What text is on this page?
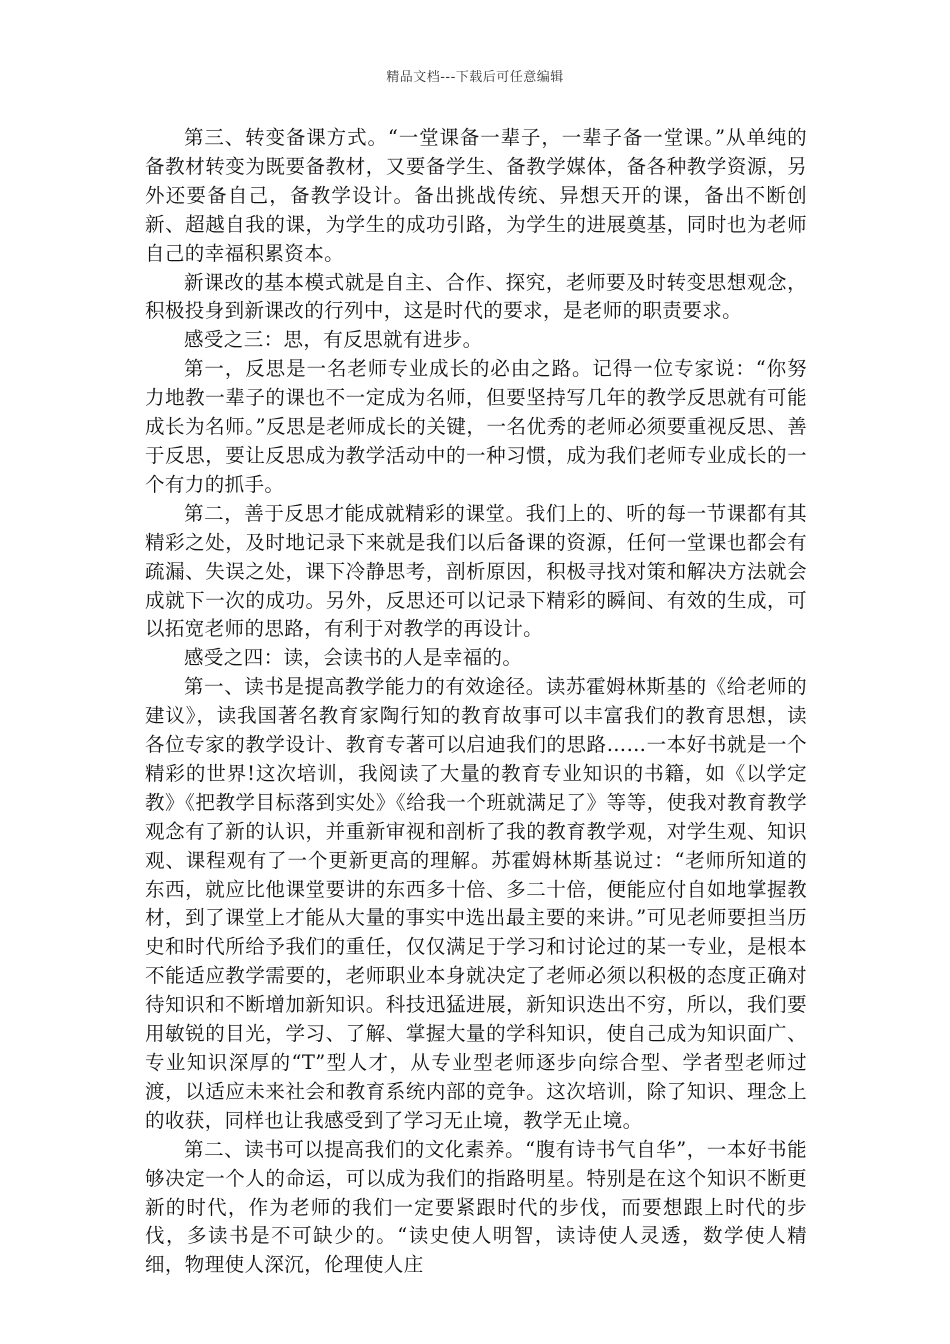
精品文档---下载后可任意编辑

第三、转变备课方式。“一堂课备一辈子，一辈子备一堂课。”从单纯的备教材转变为既要备教材，又要备学生、备教学媒体，备各种教学资源，另外还要备自己，备教学设计。备出挑战传统、异想天开的课，备出不断创新、超越自我的课，为学生的成功引路，为学生的进展奠基，同时也为老师自己的幸福积累资本。

新课改的基本模式就是自主、合作、探究，老师要及时转变思想观念，积极投身到新课改的行列中，这是时代的要求，是老师的职责要求。

感受之三：思，有反思就有进步。

第一，反思是一名老师专业成长的必由之路。记得一位专家说：“你努力地教一辈子的课也不一定成为名师，但要坚持写几年的教学反思就有可能成长为名师。”反思是老师成长的关键，一名优秀的老师必须要重视反思、善于反思，要让反思成为教学活动中的一种习惯，成为我们老师专业成长的一个有力的抓手。

第二，善于反思才能成就精彩的课堂。我们上的、听的每一节课都有其精彩之处，及时地记录下来就是我们以后备课的资源，任何一堂课也都会有疏漏、失误之处，课下冷静思考，剖析原因，积极寻找对策和解决方法就会成就下一次的成功。另外，反思还可以记录下精彩的瞬间、有效的生成，可以拓宽老师的思路，有利于对教学的再设计。

感受之四：读，会读书的人是幸福的。

第一、读书是提高教学能力的有效途径。读苏霍姆林斯基的《给老师的建议》，读我国著名教育家陶行知的教育故事可以丰富我们的教育思想，读各位专家的教学设计、教育专著可以启迪我们的思路……一本好书就是一个精彩的世界!这次培训，我阅读了大量的教育专业知识的书籍，如《以学定教》《把教学目标落到实处》《给我一个班就满足了》等等，使我对教育教学观念有了新的认识，并重新审视和剖析了我的教育教学观，对学生观、知识观、课程观有了一个更新更高的理解。苏霍姆林斯基说过：“老师所知道的东西，就应比他课堂要讲的东西多十倍、多二十倍，便能应付自如地掌握教材，到了课堂上才能从大量的事实中选出最主要的来讲。”可见老师要担当历史和时代所给予我们的重任，仅仅满足于学习和讨论过的某一专业，是根本不能适应教学需要的，老师职业本身就决定了老师必须以积极的态度正确对待知识和不断增加新知识。科技迅猛进展，新知识迭出不穷，所以，我们要用敏锐的目光，学习、了解、掌握大量的学科知识，使自己成为知识面广、专业知识深厚的“T”型人才，从专业型老师逐步向综合型、学者型老师过渡，以适应未来社会和教育系统内部的竞争。这次培训，除了知识、理念上的收获，同样也让我感受到了学习无止境，教学无止境。

第二、读书可以提高我们的文化素养。“腹有诗书气自华”，一本好书能够决定一个人的命运，可以成为我们的指路明星。特别是在这个知识不断更新的时代，作为老师的我们一定要紧跟时代的步伐，而要想跟上时代的步伐，多读书是不可缺少的。“读史使人明智，读诗使人灵透，数学使人精细，物理使人深沉，伦理使人庄
